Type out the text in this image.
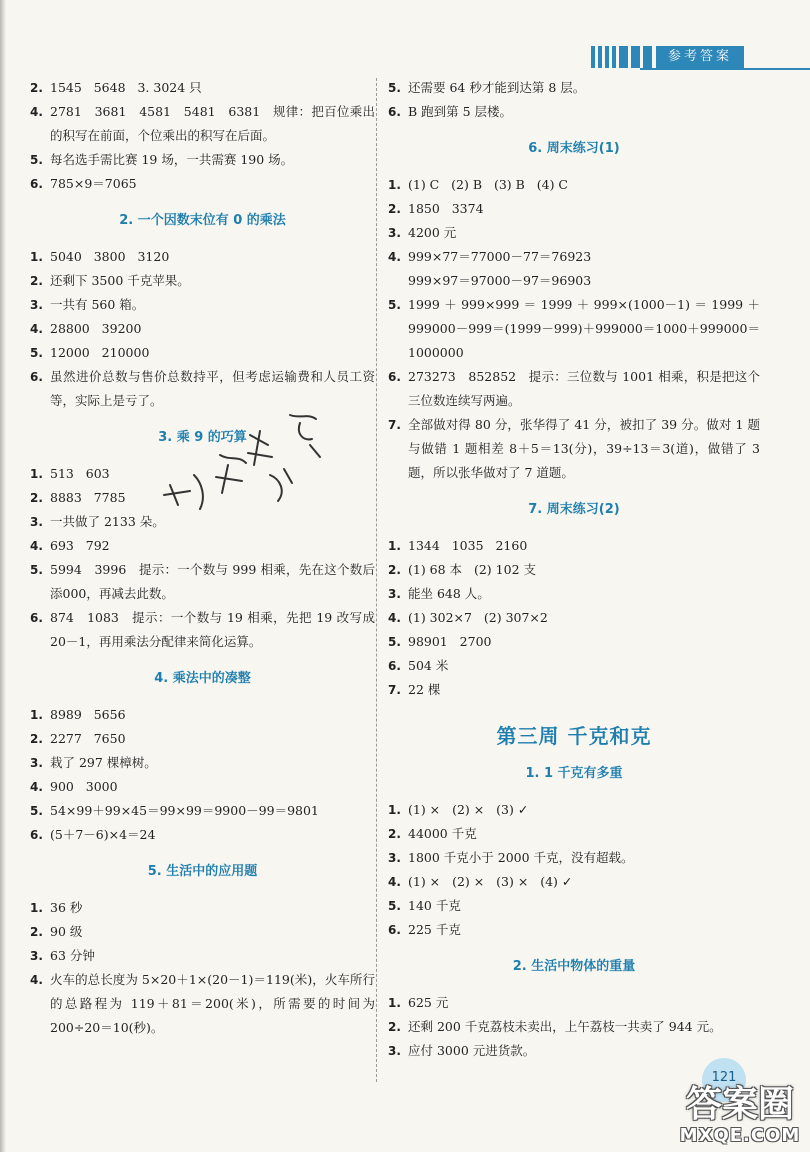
参考答案
2. 1545   5648   3. 3024 只
4. 2781   3681   4581   5481   6381   规律：把百位乘出的积写在前面，个位乘出的积写在后面。
5. 每名选手需比赛 19 场，一共需赛 190 场。
6. 785×9＝7065
2. 一个因数末位有 0 的乘法
1. 5040   3800   3120
2. 还剩下 3500 千克苹果。
3. 一共有 560 箱。
4. 28800   39200
5. 12000   210000
6. 虽然进价总数与售价总数持平，但考虑运输费和人员工资等，实际上是亏了。
3. 乘 9 的巧算
1. 513   603
2. 8883   7785
3. 一共做了 2133 朵。
4. 693   792
5. 5994   3996   提示：一个数与 999 相乘，先在这个数后添000，再减去此数。
6. 874   1083   提示：一个数与 19 相乘，先把 19 改写成 20－1，再用乘法分配律来简化运算。
4. 乘法中的凑整
1. 8989   5656
2. 2277   7650
3. 栽了 297 棵樟树。
4. 900   3000
5. 54×99＋99×45＝99×99＝9900－99＝9801
6. (5＋7－6)×4＝24
5. 生活中的应用题
1. 36 秒
2. 90 级
3. 63 分钟
4. 火车的总长度为 5×20＋1×(20－1)＝119(米)，火车所行的总路程为 119＋81＝200(米)，所需要的时间为 200÷20＝10(秒)。
5. 还需要 64 秒才能到达第 8 层。
6. B 跑到第 5 层楼。
6. 周末练习(1)
1. (1) C   (2) B   (3) B   (4) C
2. 1850   3374
3. 4200 元
4. 999×77＝77000－77＝76923
999×97＝97000－97＝96903
5. 1999＋999×999＝1999＋999×(1000－1)＝1999＋999000－999＝(1999－999)＋999000＝1000＋999000＝1000000
6. 273273   852852   提示：三位数与 1001 相乘，积是把这个三位数连续写两遍。
7. 全部做对得 80 分，张华得了 41 分，被扣了 39 分。做对 1 题与做错 1 题相差 8＋5＝13(分)，39÷13＝3(道)，做错了 3 题，所以张华做对了 7 道题。
7. 周末练习(2)
1. 1344   1035   2160
2. (1) 68 本   (2) 102 支
3. 能坐 648 人。
4. (1) 302×7   (2) 307×2
5. 98901   2700
6. 504 米
7. 22 棵
第三周 千克和克
1. 1 千克有多重
1. (1) ×   (2) ×   (3) ✓
2. 44000 千克
3. 1800 千克小于 2000 千克，没有超载。
4. (1) ×   (2) ×   (3) ×   (4) ✓
5. 140 千克
6. 225 千克
2. 生活中物体的重量
1. 625 元
2. 还剩 200 千克荔枝未卖出，上午荔枝一共卖了 944 元。
3. 应付 3000 元进货款。
121
答案圈
MXQE.COM
